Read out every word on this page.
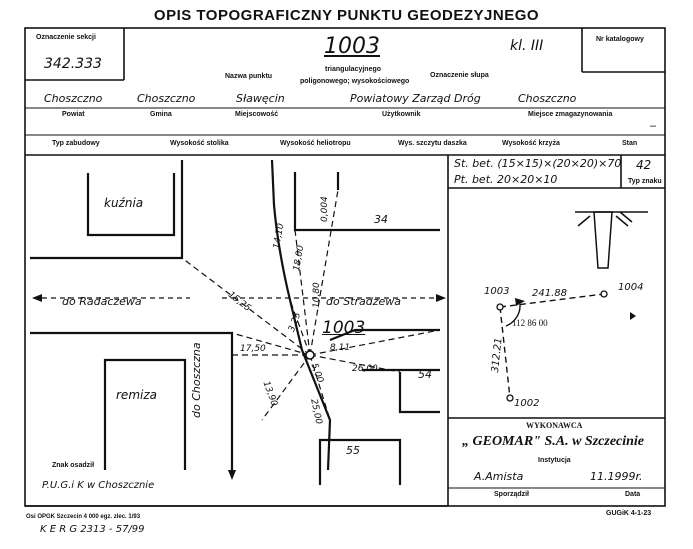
OPIS TOPOGRAFICZNY PUNKTU GEODEZYJNEGO
Oznaczenie sekcji
342.333
1003	kl. III	Nr katalogowy
triangulacyjnego
Nazwa punktu
poligonowego; wysokościowego
Oznaczenie słupa
Choszczno	Choszczno	Sławęcin	Powiatowy Zarząd Dróg	Choszczno
Powiat	Gmina	Miejscowość	Użytkownik	Miejsce zmagazynowania
Typ zabudowy	Wysokość stolika	Wysokość heliotropu	Wys. szczytu daszka	Wysokość krzyża	Stan
–
kuźnia
remiza
do Radaczewa	do Stradzewa
do Choszczna
1003
34
54
55
0,004
14,10
18,00
15,25	10,80
3,25
17,50	8,11
5,00	26,00
13,90
25,00
St. bet. (15×15)×(20×20)×70
Pt. bet. 20×20×10
42
Typ znaku
1003	1004
1002
241.88
312.21
112 86 00
WYKONAWCA
„ GEOMAR" S.A. w Szczecinie
Instytucja
A.Amista	11.1999r.
Sporządził	Data
Znak osadził
P.U.G.i K w Choszcznie
Osi OPGK Szczecin 4 000 egz. zlec. 1/93
K E R G 2313 - 57/99
GUGiK 4-1-23
